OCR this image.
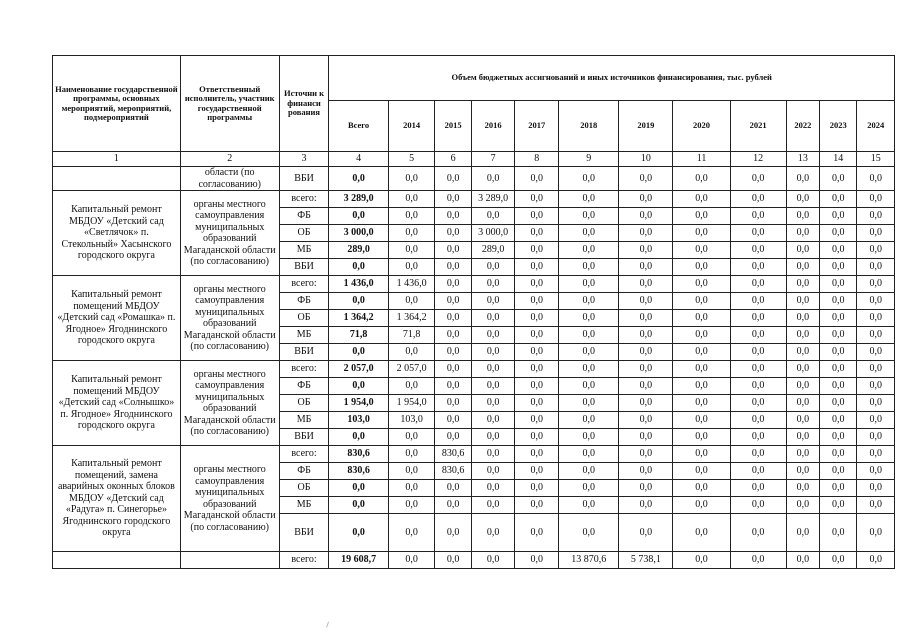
Наименование государственной программы, основных мероприятий, мероприятий, подмероприятий	Ответственный исполнитель, участник государственной программы	Источни к финанси рования	Объем бюджетных ассигнований и иных источников финансирования, тыс. рублей											
			Всего	2014	2015	2016	2017	2018	2019	2020	2021	2022	2023	2024
1	2	3	4	5	6	7	8	9	10	11	12	13	14	15
	области (по согласованию)	ВБИ	0,0	0,0	0,0	0,0	0,0	0,0	0,0	0,0	0,0	0,0	0,0	0,0
Капитальный ремонт МБДОУ «Детский сад «Светлячок» п. Стекольный» Хасынского городского округа	органы местного самоуправления муниципальных образований Магаданской области (по согласованию)	всего:	3 289,0	0,0	0,0	3 289,0	0,0	0,0	0,0	0,0	0,0	0,0	0,0	0,0
		ФБ	0,0	0,0	0,0	0,0	0,0	0,0	0,0	0,0	0,0	0,0	0,0	0,0
		ОБ	3 000,0	0,0	0,0	3 000,0	0,0	0,0	0,0	0,0	0,0	0,0	0,0	0,0
		МБ	289,0	0,0	0,0	289,0	0,0	0,0	0,0	0,0	0,0	0,0	0,0	0,0
		ВБИ	0,0	0,0	0,0	0,0	0,0	0,0	0,0	0,0	0,0	0,0	0,0	0,0
Капитальный ремонт помещений МБДОУ «Детский сад «Ромашка» п. Ягодное» Ягоднинского городского округа	органы местного самоуправления муниципальных образований Магаданской области (по согласованию)	всего:	1 436,0	1 436,0	0,0	0,0	0,0	0,0	0,0	0,0	0,0	0,0	0,0	0,0
		ФБ	0,0	0,0	0,0	0,0	0,0	0,0	0,0	0,0	0,0	0,0	0,0	0,0
		ОБ	1 364,2	1 364,2	0,0	0,0	0,0	0,0	0,0	0,0	0,0	0,0	0,0	0,0
		МБ	71,8	71,8	0,0	0,0	0,0	0,0	0,0	0,0	0,0	0,0	0,0	0,0
		ВБИ	0,0	0,0	0,0	0,0	0,0	0,0	0,0	0,0	0,0	0,0	0,0	0,0
Капитальный ремонт помещений МБДОУ «Детский сад «Солнышко» п. Ягодное» Ягоднинского городского округа	органы местного самоуправления муниципальных образований Магаданской области (по согласованию)	всего:	2 057,0	2 057,0	0,0	0,0	0,0	0,0	0,0	0,0	0,0	0,0	0,0	0,0
		ФБ	0,0	0,0	0,0	0,0	0,0	0,0	0,0	0,0	0,0	0,0	0,0	0,0
		ОБ	1 954,0	1 954,0	0,0	0,0	0,0	0,0	0,0	0,0	0,0	0,0	0,0	0,0
		МБ	103,0	103,0	0,0	0,0	0,0	0,0	0,0	0,0	0,0	0,0	0,0	0,0
		ВБИ	0,0	0,0	0,0	0,0	0,0	0,0	0,0	0,0	0,0	0,0	0,0	0,0
Капитальный ремонт помещений, замена аварийных оконных блоков МБДОУ «Детский сад «Радуга» п. Синегорье» Ягоднинского городского округа	органы местного самоуправления муниципальных образований Магаданской области (по согласованию)	всего:	830,6	0,0	830,6	0,0	0,0	0,0	0,0	0,0	0,0	0,0	0,0	0,0
		ФБ	830,6	0,0	830,6	0,0	0,0	0,0	0,0	0,0	0,0	0,0	0,0	0,0
		ОБ	0,0	0,0	0,0	0,0	0,0	0,0	0,0	0,0	0,0	0,0	0,0	0,0
		МБ	0,0	0,0	0,0	0,0	0,0	0,0	0,0	0,0	0,0	0,0	0,0	0,0
		ВБИ	0,0	0,0	0,0	0,0	0,0	0,0	0,0	0,0	0,0	0,0	0,0	0,0
		всего:	19 608,7	0,0	0,0	0,0	0,0	13 870,6	5 738,1	0,0	0,0	0,0	0,0	0,0
